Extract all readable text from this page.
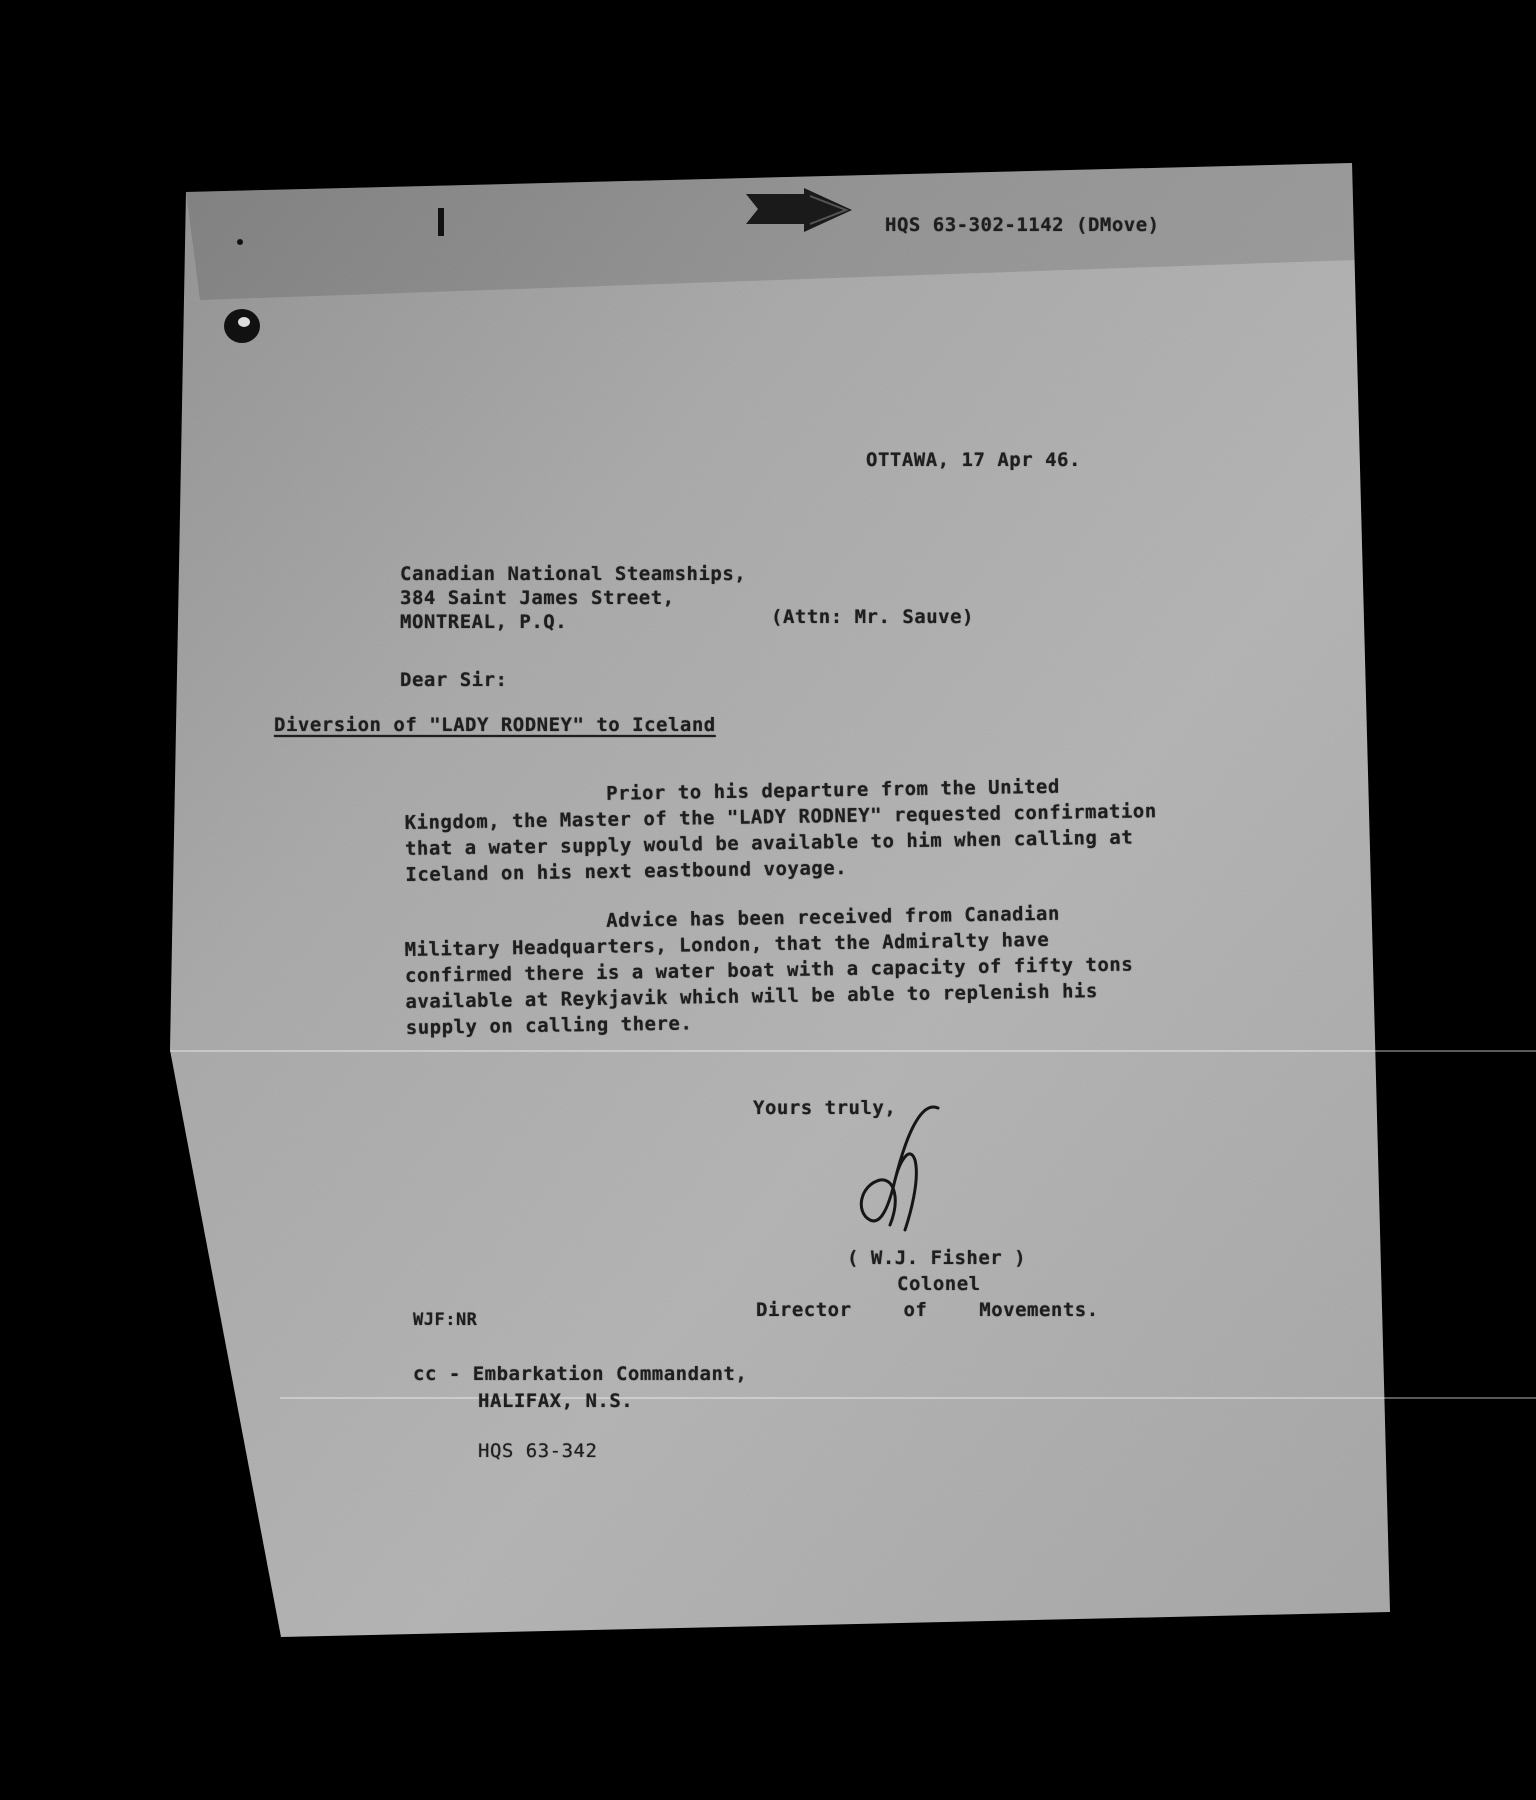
HQS 63-302-1142 (DMove)
OTTAWA, 17 Apr 46.
Canadian National Steamships,
384 Saint James Street,
MONTREAL, P.Q.	(Attn: Mr. Sauve)
Dear Sir:
Diversion of "LADY RODNEY" to Iceland
Prior to his departure from the United Kingdom, the Master of the "LADY RODNEY" requested confirmation that a water supply would be available to him when calling at Iceland on his next eastbound voyage.
Advice has been received from Canadian Military Headquarters, London, that the Admiralty have confirmed there is a water boat with a capacity of fifty tons available at Reykjavik which will be able to replenish his supply on calling there.
Yours truly,
( W.J. Fisher )
Colonel
Director of Movements.
WJF:NR
cc - Embarkation Commandant,
HALIFAX, N.S.
HQS 63-342
